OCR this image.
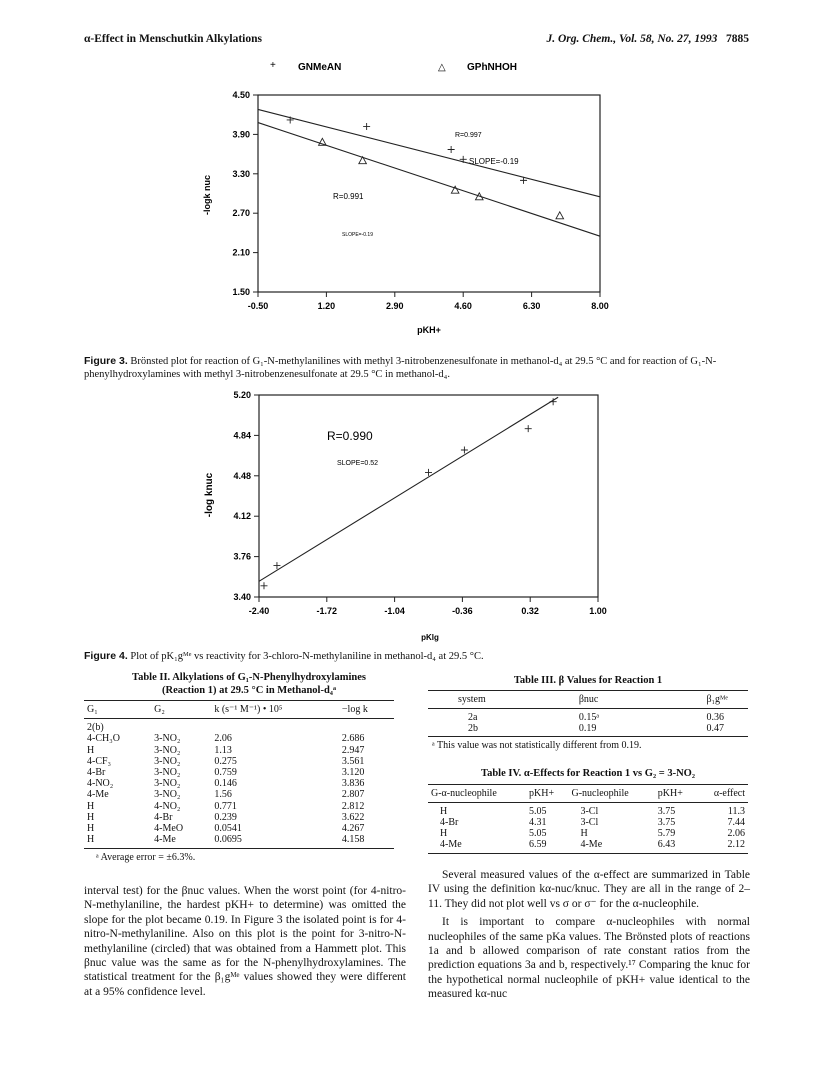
α-Effect in Menschutkin Alkylations	J. Org. Chem., Vol. 58, No. 27, 1993 7885
+ GNMeAN	△ GPhNHOH
4.50
3.90
3.30
2.70
2.10
1.50
-0.50	1.20	2.90	4.60	6.30	8.00
R=0.997
SLOPE=-0.19
R=0.991
SLOPE=-0.19
-logk nuc
pKH+
Figure 3. Brönsted plot for reaction of G₁-N-methylanilines with methyl 3-nitrobenzenesulfonate in methanol-d₄ at 29.5 °C and for reaction of G₁-N-phenylhydroxylamines with methyl 3-nitrobenzenesulfonate at 29.5 °C in methanol-d₄.
5.20
4.84
4.48
4.12
3.76
3.40
-2.40	-1.72	-1.04	-0.36	0.32	1.00
R=0.990
SLOPE=0.52
-log knuc
pKlg
Figure 4. Plot of pK₁gᴹᵉ vs reactivity for 3-chloro-N-methylaniline in methanol-d₄ at 29.5 °C.
Table II. Alkylations of G₁-N-Phenylhydroxylamines
(Reaction 1) at 29.5 °C in Methanol-d₄ᵃ
G₁	G₂	k (s⁻¹ M⁻¹) • 10⁵	−log k
2(b)			
4-CH₃O	3-NO₂	2.06	2.686
H	3-NO₂	1.13	2.947
4-CF₃	3-NO₂	0.275	3.561
4-Br	3-NO₂	0.759	3.120
4-NO₂	3-NO₂	0.146	3.836
4-Me	3-NO₂	1.56	2.807
H	4-NO₂	0.771	2.812
H	4-Br	0.239	3.622
H	4-MeO	0.0541	4.267
H	4-Me	0.0695	4.158
ᵃ Average error = ±6.3%.
Table III. β Values for Reaction 1
system	βnuc	β₁gᴹᵉ
2a	0.15ᵃ	0.36
2b	0.19	0.47
ᵃ This value was not statistically different from 0.19.
Table IV. α-Effects for Reaction 1 vs G₂ = 3-NO₂
G-α-nucleophile	pKH+	G-nucleophile	pKH+	α-effect
H	5.05	3-Cl	3.75	11.3
4-Br	4.31	3-Cl	3.75	7.44
H	5.05	H	5.79	2.06
4-Me	6.59	4-Me	6.43	2.12

interval test) for the βnuc values. When the worst point (for 4-nitro-N-methylaniline, the hardest pKH+ to determine) was omitted the slope for the plot became 0.19. In Figure 3 the isolated point is for 4-nitro-N-methylaniline. Also on this plot is the point for 3-nitro-N-methylaniline (circled) that was obtained from a Hammett plot. This βnuc value was the same as for the N-phenylhydroxylamines. The statistical treatment for the β₁gᴹᵉ values showed they were different at a 95% confidence level.

Several measured values of the α-effect are summarized in Table IV using the definition kα-nuc/knuc. They are all in the range of 2–11. They did not plot well vs σ or σ⁻ for the α-nucleophile.

It is important to compare α-nucleophiles with normal nucleophiles of the same pKa values. The Brönsted plots of reactions 1a and b allowed comparison of rate constant ratios from the prediction equations 3a and b, respectively.¹⁷ Comparing the knuc for the hypothetical normal nucleophile of pKH+ value identical to the measured kα-nuc
